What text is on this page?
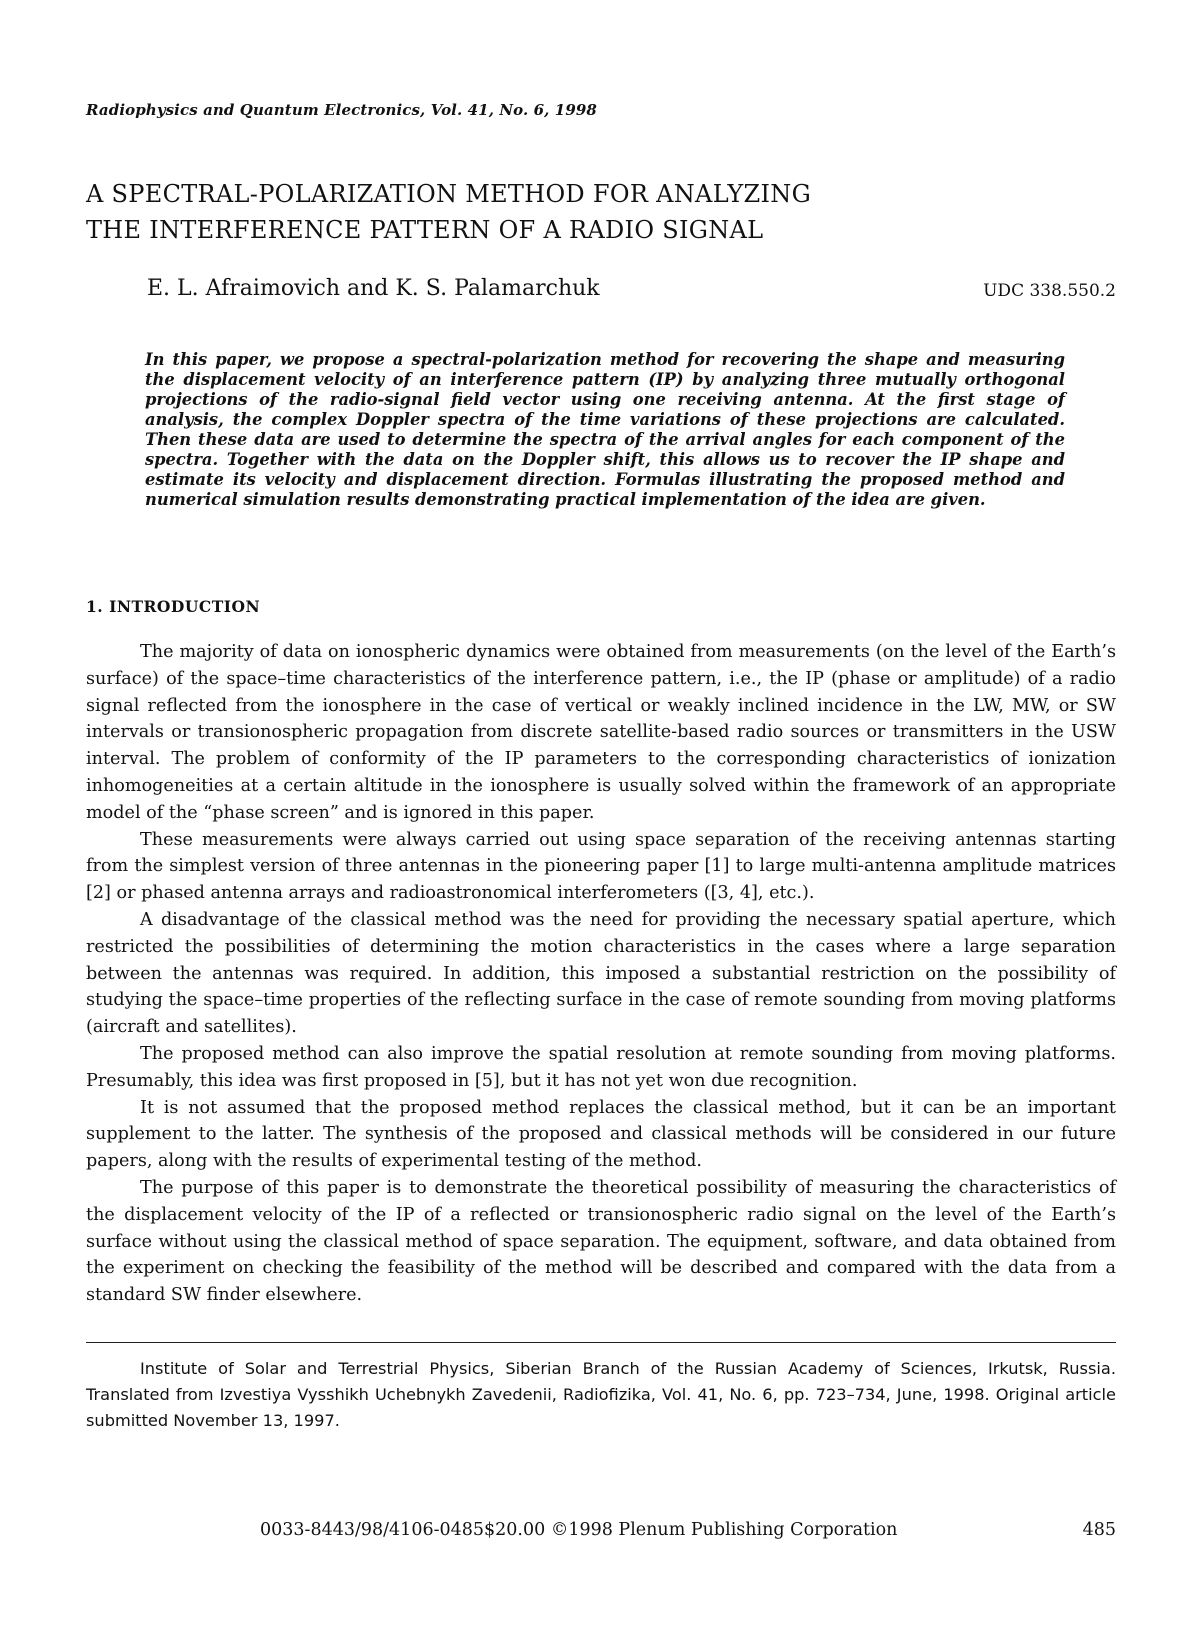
Radiophysics and Quantum Electronics, Vol. 41, No. 6, 1998
A SPECTRAL-POLARIZATION METHOD FOR ANALYZING
THE INTERFERENCE PATTERN OF A RADIO SIGNAL
E. L. Afraimovich and K. S. Palamarchuk	UDC 338.550.2

In this paper, we propose a spectral-polarization method for recovering the shape and measuring the displacement velocity of an interference pattern (IP) by analyzing three mutually orthogonal projections of the radio-signal field vector using one receiving antenna. At the first stage of analysis, the complex Doppler spectra of the time variations of these projections are calculated. Then these data are used to determine the spectra of the arrival angles for each component of the spectra. Together with the data on the Doppler shift, this allows us to recover the IP shape and estimate its velocity and displacement direction. Formulas illustrating the proposed method and numerical simulation results demonstrating practical implementation of the idea are given.

1. INTRODUCTION

The majority of data on ionospheric dynamics were obtained from measurements (on the level of the Earth’s surface) of the space–time characteristics of the interference pattern, i.e., the IP (phase or amplitude) of a radio signal reflected from the ionosphere in the case of vertical or weakly inclined incidence in the LW, MW, or SW intervals or transionospheric propagation from discrete satellite-based radio sources or transmitters in the USW interval. The problem of conformity of the IP parameters to the corresponding characteristics of ionization inhomogeneities at a certain altitude in the ionosphere is usually solved within the framework of an appropriate model of the “phase screen” and is ignored in this paper.

These measurements were always carried out using space separation of the receiving antennas starting from the simplest version of three antennas in the pioneering paper [1] to large multi-antenna amplitude matrices [2] or phased antenna arrays and radioastronomical interferometers ([3, 4], etc.).

A disadvantage of the classical method was the need for providing the necessary spatial aperture, which restricted the possibilities of determining the motion characteristics in the cases where a large separation between the antennas was required. In addition, this imposed a substantial restriction on the possibility of studying the space–time properties of the reflecting surface in the case of remote sounding from moving platforms (aircraft and satellites).

The proposed method can also improve the spatial resolution at remote sounding from moving platforms. Presumably, this idea was first proposed in [5], but it has not yet won due recognition.

It is not assumed that the proposed method replaces the classical method, but it can be an important supplement to the latter. The synthesis of the proposed and classical methods will be considered in our future papers, along with the results of experimental testing of the method.

The purpose of this paper is to demonstrate the theoretical possibility of measuring the characteristics of the displacement velocity of the IP of a reflected or transionospheric radio signal on the level of the Earth’s surface without using the classical method of space separation. The equipment, software, and data obtained from the experiment on checking the feasibility of the method will be described and compared with the data from a standard SW finder elsewhere.

Institute of Solar and Terrestrial Physics, Siberian Branch of the Russian Academy of Sciences, Irkutsk, Russia. Translated from Izvestiya Vysshikh Uchebnykh Zavedenii, Radiofizika, Vol. 41, No. 6, pp. 723–734, June, 1998. Original article submitted November 13, 1997.

0033-8443/98/4106-0485$20.00 ©1998 Plenum Publishing Corporation	485
